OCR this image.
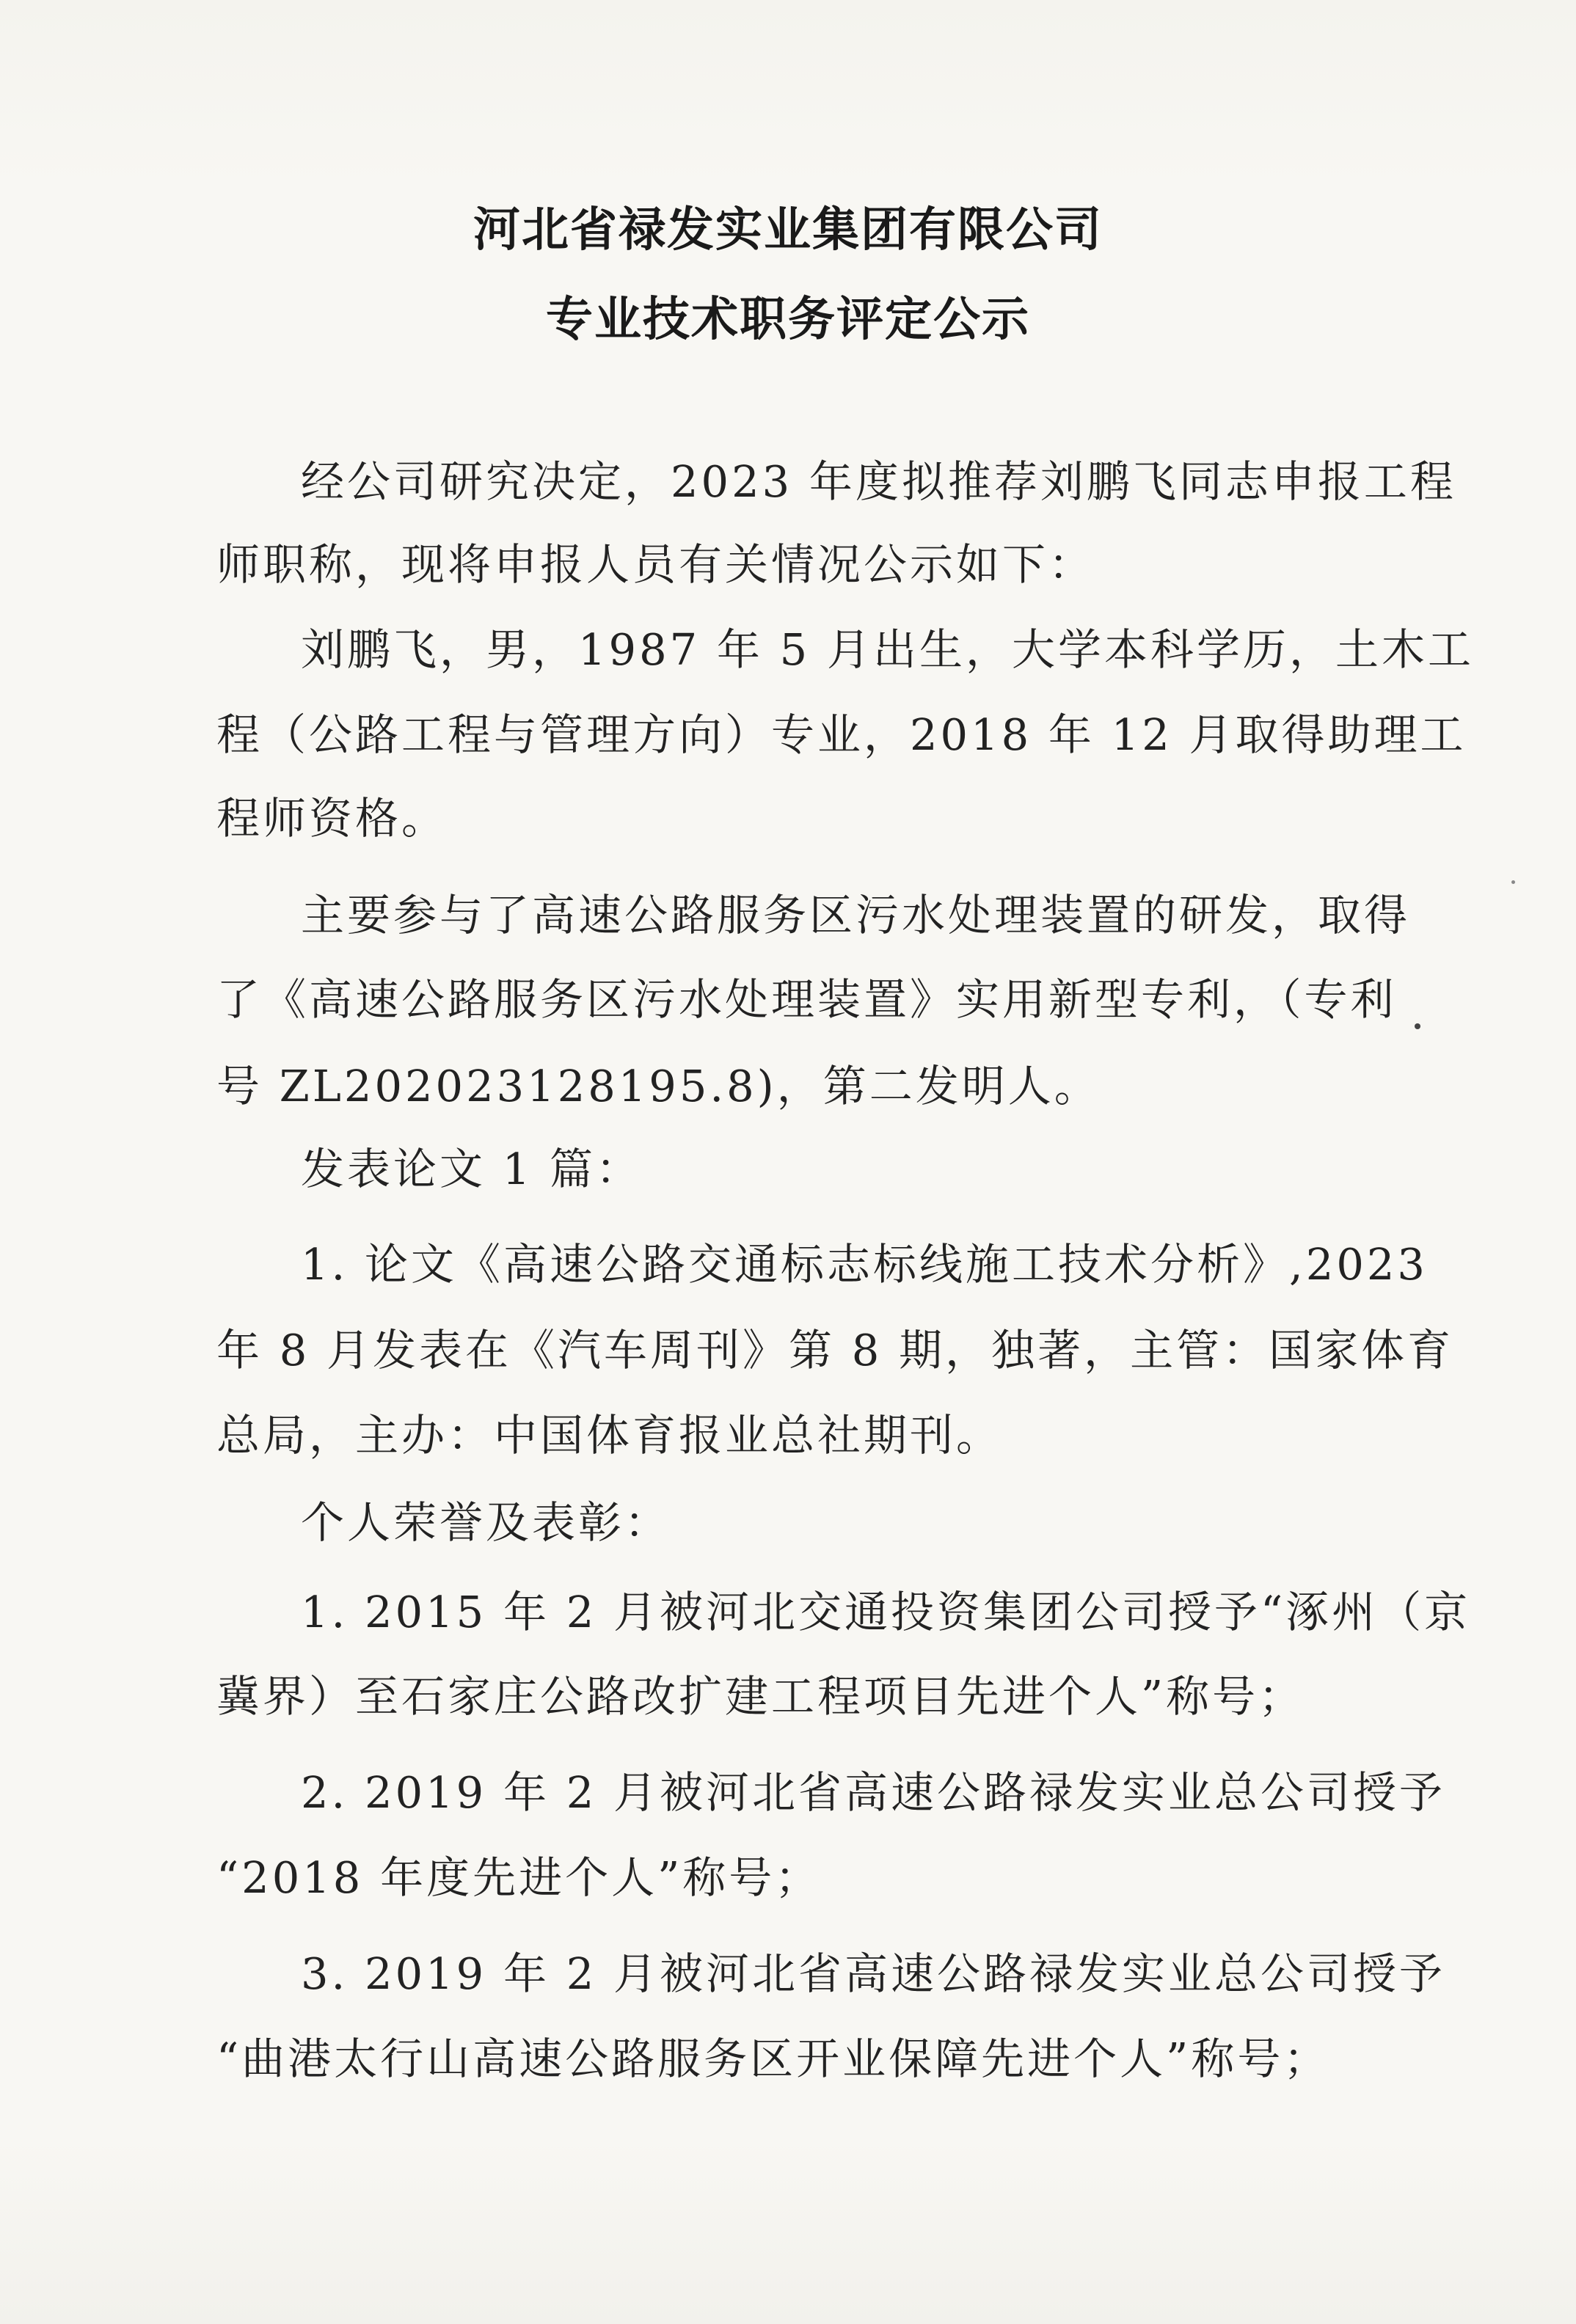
河北省禄发实业集团有限公司
专业技术职务评定公示
经公司研究决定，2023 年度拟推荐刘鹏飞同志申报工程
师职称，现将申报人员有关情况公示如下：
刘鹏飞，男，1987 年 5 月出生，大学本科学历，土木工
程（公路工程与管理方向）专业，2018 年 12 月取得助理工
程师资格。
主要参与了高速公路服务区污水处理装置的研发，取得
了《高速公路服务区污水处理装置》实用新型专利，（专利
号 ZL202023128195.8)，第二发明人。
发表论文 1 篇：
1. 论文《高速公路交通标志标线施工技术分析》,2023
年 8 月发表在《汽车周刊》第 8 期，独著，主管：国家体育
总局，主办：中国体育报业总社期刊。
个人荣誉及表彰：
1. 2015 年 2 月被河北交通投资集团公司授予“涿州（京
冀界）至石家庄公路改扩建工程项目先进个人”称号；
2. 2019 年 2 月被河北省高速公路禄发实业总公司授予
“2018 年度先进个人”称号；
3. 2019 年 2 月被河北省高速公路禄发实业总公司授予
“曲港太行山高速公路服务区开业保障先进个人”称号；
